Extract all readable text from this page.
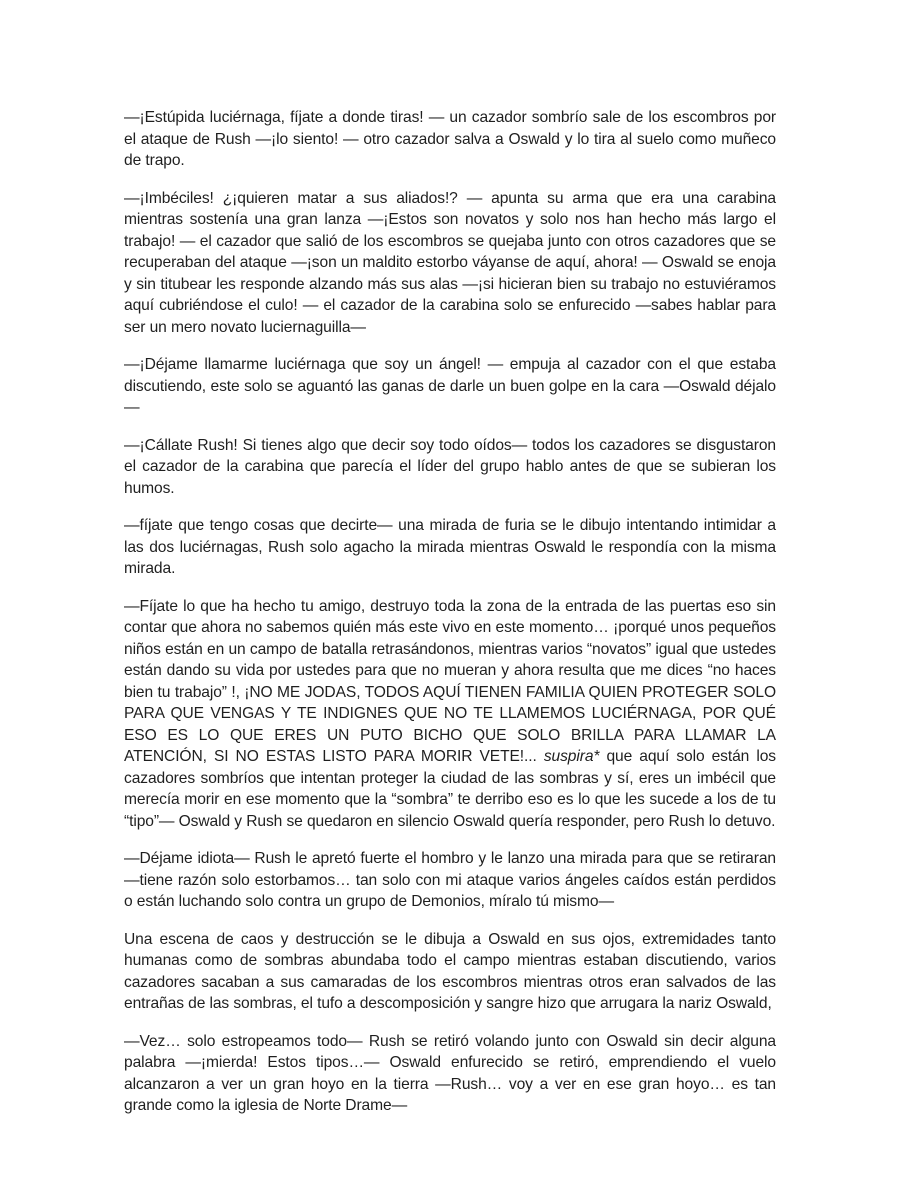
—¡Estúpida luciérnaga, fíjate a donde tiras! — un cazador sombrío sale de los escombros por el ataque de Rush —¡lo siento! — otro cazador salva a Oswald y lo tira al suelo como muñeco de trapo.

—¡Imbéciles! ¿¡quieren matar a sus aliados!? — apunta su arma que era una carabina mientras sostenía una gran lanza —¡Estos son novatos y solo nos han hecho más largo el trabajo! — el cazador que salió de los escombros se quejaba junto con otros cazadores que se recuperaban del ataque —¡son un maldito estorbo váyanse de aquí, ahora! — Oswald se enoja y sin titubear les responde alzando más sus alas —¡si hicieran bien su trabajo no estuviéramos aquí cubriéndose el culo! — el cazador de la carabina solo se enfurecido —sabes hablar para ser un mero novato luciernaguilla—

—¡Déjame llamarme luciérnaga que soy un ángel! — empuja al cazador con el que estaba discutiendo, este solo se aguantó las ganas de darle un buen golpe en la cara —Oswald déjalo—

—¡Cállate Rush! Si tienes algo que decir soy todo oídos— todos los cazadores se disgustaron el cazador de la carabina que parecía el líder del grupo hablo antes de que se subieran los humos.

—fíjate que tengo cosas que decirte— una mirada de furia se le dibujo intentando intimidar a las dos luciérnagas, Rush solo agacho la mirada mientras Oswald le respondía con la misma mirada.

—Fíjate lo que ha hecho tu amigo, destruyo toda la zona de la entrada de las puertas eso sin contar que ahora no sabemos quién más este vivo en este momento… ¡porqué unos pequeños niños están en un campo de batalla retrasándonos, mientras varios “novatos” igual que ustedes están dando su vida por ustedes para que no mueran y ahora resulta que me dices “no haces bien tu trabajo” !, ¡NO ME JODAS, TODOS AQUÍ TIENEN FAMILIA QUIEN PROTEGER SOLO PARA QUE VENGAS Y TE INDIGNES QUE NO TE LLAMEMOS LUCIÉRNAGA, POR QUÉ ESO ES LO QUE ERES UN PUTO BICHO QUE SOLO BRILLA PARA LLAMAR LA ATENCIÓN, SI NO ESTAS LISTO PARA MORIR VETE!... suspira* que aquí solo están los cazadores sombríos que intentan proteger la ciudad de las sombras y sí, eres un imbécil que merecía morir en ese momento que la “sombra” te derribo eso es lo que les sucede a los de tu “tipo”— Oswald y Rush se quedaron en silencio Oswald quería responder, pero Rush lo detuvo.

—Déjame idiota— Rush le apretó fuerte el hombro y le lanzo una mirada para que se retiraran —tiene razón solo estorbamos… tan solo con mi ataque varios ángeles caídos están perdidos o están luchando solo contra un grupo de Demonios, míralo tú mismo—

Una escena de caos y destrucción se le dibuja a Oswald en sus ojos, extremidades tanto humanas como de sombras abundaba todo el campo mientras estaban discutiendo, varios cazadores sacaban a sus camaradas de los escombros mientras otros eran salvados de las entrañas de las sombras, el tufo a descomposición y sangre hizo que arrugara la nariz Oswald,

—Vez… solo estropeamos todo— Rush se retiró volando junto con Oswald sin decir alguna palabra —¡mierda! Estos tipos…— Oswald enfurecido se retiró, emprendiendo el vuelo alcanzaron a ver un gran hoyo en la tierra —Rush… voy a ver en ese gran hoyo… es tan grande como la iglesia de Norte Drame—
